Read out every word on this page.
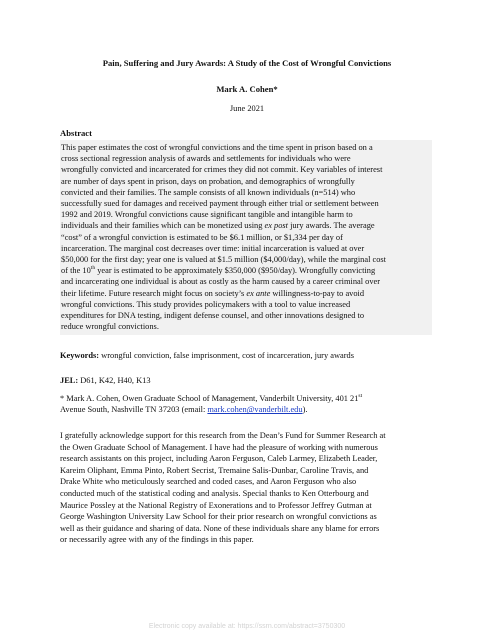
Pain, Suffering and Jury Awards: A Study of the Cost of Wrongful Convictions
Mark A. Cohen*
June 2021
Abstract
This paper estimates the cost of wrongful convictions and the time spent in prison based on a
cross sectional regression analysis of awards and settlements for individuals who were
wrongfully convicted and incarcerated for crimes they did not commit. Key variables of interest
are number of days spent in prison, days on probation, and demographics of wrongfully
convicted and their families. The sample consists of all known individuals (n=514) who
successfully sued for damages and received payment through either trial or settlement between
1992 and 2019. Wrongful convictions cause significant tangible and intangible harm to
individuals and their families which can be monetized using ex post jury awards. The average
“cost” of a wrongful conviction is estimated to be $6.1 million, or $1,334 per day of
incarceration. The marginal cost decreases over time: initial incarceration is valued at over
$50,000 for the first day; year one is valued at $1.5 million ($4,000/day), while the marginal cost
of the 10th year is estimated to be approximately $350,000 ($950/day). Wrongfully convicting
and incarcerating one individual is about as costly as the harm caused by a career criminal over
their lifetime. Future research might focus on society’s ex ante willingness-to-pay to avoid
wrongful convictions. This study provides policymakers with a tool to value increased
expenditures for DNA testing, indigent defense counsel, and other innovations designed to
reduce wrongful convictions.
Keywords: wrongful conviction, false imprisonment, cost of incarceration, jury awards
JEL: D61, K42, H40, K13
* Mark A. Cohen, Owen Graduate School of Management, Vanderbilt University, 401 21st
Avenue South, Nashville TN 37203 (email: mark.cohen@vanderbilt.edu).
I gratefully acknowledge support for this research from the Dean’s Fund for Summer Research at
the Owen Graduate School of Management. I have had the pleasure of working with numerous
research assistants on this project, including Aaron Ferguson, Caleb Larmey, Elizabeth Leader,
Kareim Oliphant, Emma Pinto, Robert Secrist, Tremaine Salis-Dunbar, Caroline Travis, and
Drake White who meticulously searched and coded cases, and Aaron Ferguson who also
conducted much of the statistical coding and analysis. Special thanks to Ken Otterbourg and
Maurice Possley at the National Registry of Exonerations and to Professor Jeffrey Gutman at
George Washington University Law School for their prior research on wrongful convictions as
well as their guidance and sharing of data. None of these individuals share any blame for errors
or necessarily agree with any of the findings in this paper.
Electronic copy available at: https://ssrn.com/abstract=3750300
